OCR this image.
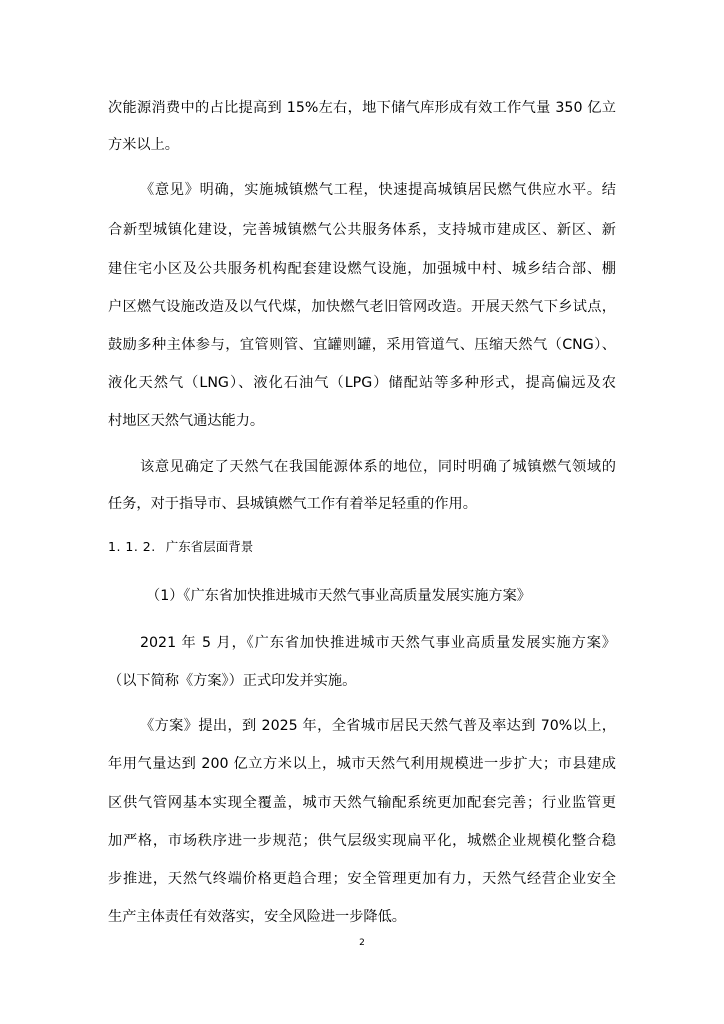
次能源消费中的占比提高到 15%左右，地下储气库形成有效工作气量 350 亿立
方米以上。
《意见》明确，实施城镇燃气工程，快速提高城镇居民燃气供应水平。结
合新型城镇化建设，完善城镇燃气公共服务体系，支持城市建成区、新区、新
建住宅小区及公共服务机构配套建设燃气设施，加强城中村、城乡结合部、棚
户区燃气设施改造及以气代煤，加快燃气老旧管网改造。开展天然气下乡试点，
鼓励多种主体参与，宜管则管、宜罐则罐，采用管道气、压缩天然气（CNG）、
液化天然气（LNG）、液化石油气（LPG）储配站等多种形式，提高偏远及农
村地区天然气通达能力。
该意见确定了天然气在我国能源体系的地位，同时明确了城镇燃气领域的
任务，对于指导市、县城镇燃气工作有着举足轻重的作用。
1. 1. 2. 广东省层面背景
（1）《广东省加快推进城市天然气事业高质量发展实施方案》
2021 年 5 月，《广东省加快推进城市天然气事业高质量发展实施方案》
（以下简称《方案》）正式印发并实施。
《方案》提出，到 2025 年，全省城市居民天然气普及率达到 70%以上，
年用气量达到 200 亿立方米以上，城市天然气利用规模进一步扩大；市县建成
区供气管网基本实现全覆盖，城市天然气输配系统更加配套完善；行业监管更
加严格，市场秩序进一步规范；供气层级实现扁平化，城燃企业规模化整合稳
步推进，天然气终端价格更趋合理；安全管理更加有力，天然气经营企业安全
生产主体责任有效落实，安全风险进一步降低。
2
